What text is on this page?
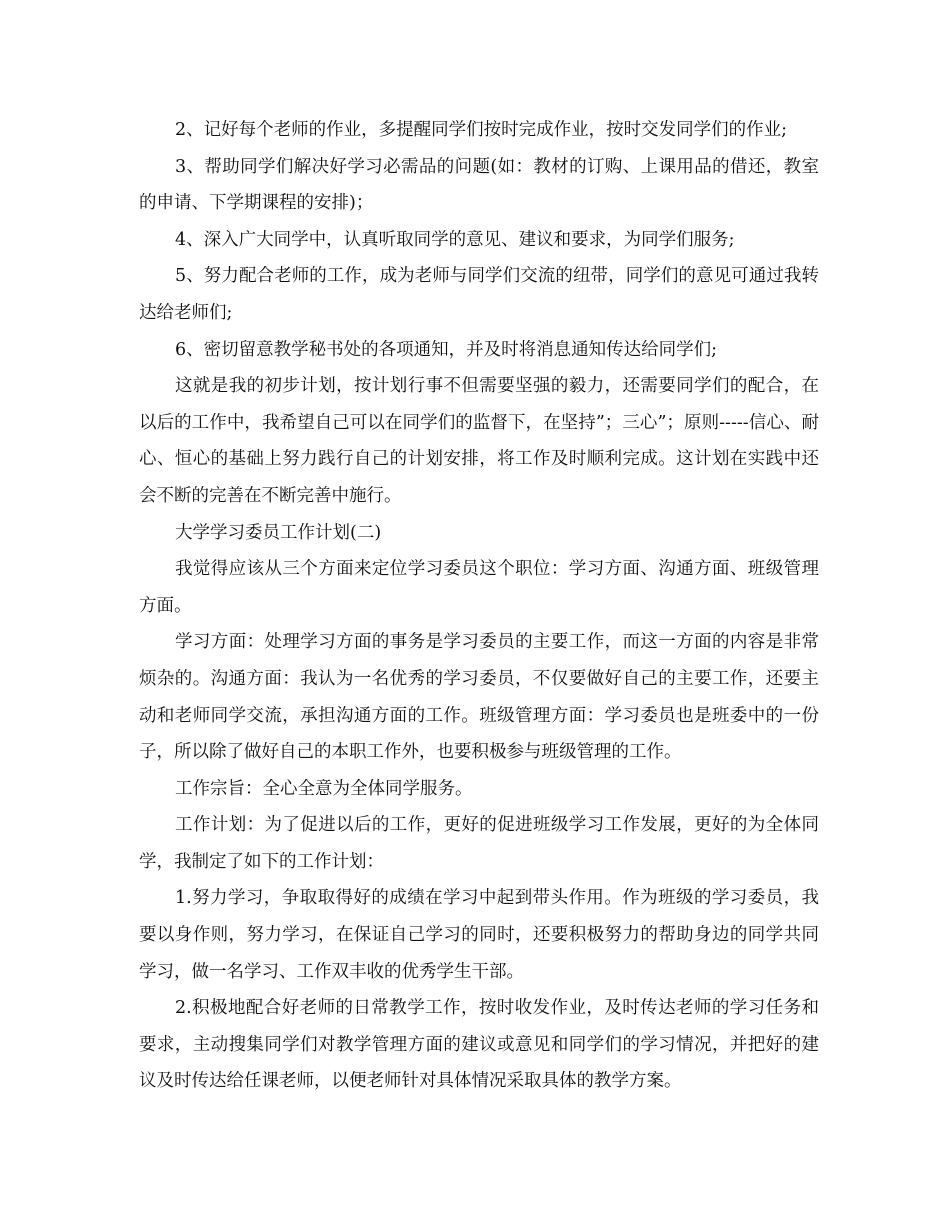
2、记好每个老师的作业，多提醒同学们按时完成作业，按时交发同学们的作业;

3、帮助同学们解决好学习必需品的问题(如：教材的订购、上课用品的借还，教室的申请、下学期课程的安排)；

4、深入广大同学中，认真听取同学的意见、建议和要求，为同学们服务;

5、努力配合老师的工作，成为老师与同学们交流的纽带，同学们的意见可通过我转达给老师们;

6、密切留意教学秘书处的各项通知，并及时将消息通知传达给同学们;

这就是我的初步计划，按计划行事不但需要坚强的毅力，还需要同学们的配合，在以后的工作中，我希望自己可以在同学们的监督下，在坚持”；三心”；原则-----信心、耐心、恒心的基础上努力践行自己的计划安排，将工作及时顺利完成。这计划在实践中还会不断的完善在不断完善中施行。

大学学习委员工作计划(二)

我觉得应该从三个方面来定位学习委员这个职位：学习方面、沟通方面、班级管理方面。

学习方面：处理学习方面的事务是学习委员的主要工作，而这一方面的内容是非常烦杂的。沟通方面：我认为一名优秀的学习委员，不仅要做好自己的主要工作，还要主动和老师同学交流，承担沟通方面的工作。班级管理方面：学习委员也是班委中的一份子，所以除了做好自己的本职工作外，也要积极参与班级管理的工作。

工作宗旨：全心全意为全体同学服务。

工作计划：为了促进以后的工作，更好的促进班级学习工作发展，更好的为全体同学，我制定了如下的工作计划：

1.努力学习，争取取得好的成绩在学习中起到带头作用。作为班级的学习委员，我要以身作则，努力学习，在保证自己学习的同时，还要积极努力的帮助身边的同学共同学习，做一名学习、工作双丰收的优秀学生干部。

2.积极地配合好老师的日常教学工作，按时收发作业，及时传达老师的学习任务和要求，主动搜集同学们对教学管理方面的建议或意见和同学们的学习情况，并把好的建议及时传达给任课老师，以便老师针对具体情况采取具体的教学方案。
